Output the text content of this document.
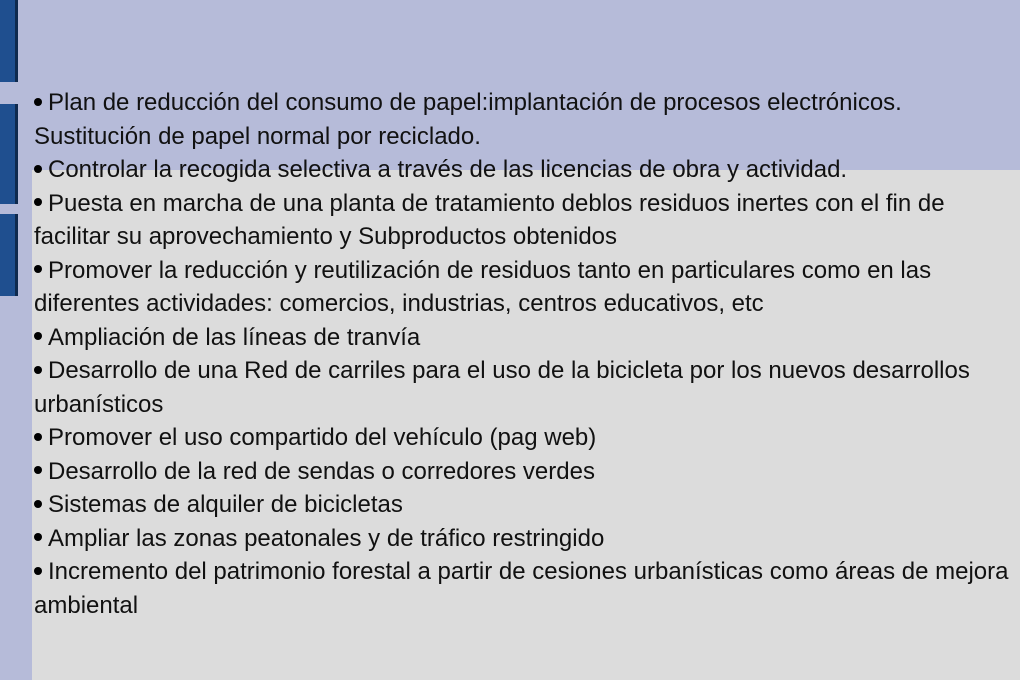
Plan de reducción del consumo de papel:implantación de procesos electrónicos. Sustitución de papel normal por reciclado.
Controlar la recogida selectiva a través de las licencias de obra y actividad.
Puesta en marcha de una planta de tratamiento deblos residuos inertes con el fin de facilitar su aprovechamiento y Subproductos obtenidos
Promover la reducción y reutilización de residuos tanto en particulares como en las diferentes actividades: comercios, industrias, centros educativos, etc
Ampliación de las líneas de tranvía
Desarrollo de una Red de carriles para el uso de la bicicleta por los nuevos desarrollos urbanísticos
Promover el uso compartido del vehículo (pag web)
Desarrollo de la red de sendas o corredores verdes
Sistemas de alquiler de bicicletas
Ampliar las zonas peatonales y de tráfico restringido
Incremento del patrimonio forestal a partir de cesiones urbanísticas como áreas de mejora ambiental
